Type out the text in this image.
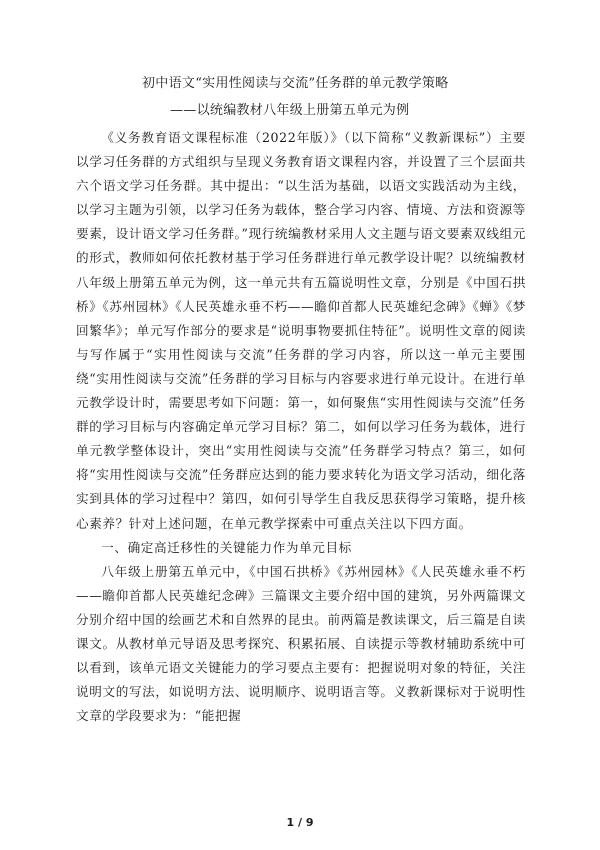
初中语文“实用性阅读与交流”任务群的单元教学策略
——以统编教材八年级上册第五单元为例

《义务教育语文课程标准（2022年版）》（以下简称“义教新课标”）主要以学习任务群的方式组织与呈现义务教育语文课程内容，并设置了三个层面共六个语文学习任务群。其中提出：“以生活为基础，以语文实践活动为主线，以学习主题为引领，以学习任务为载体，整合学习内容、情境、方法和资源等要素，设计语文学习任务群。”现行统编教材采用人文主题与语文要素双线组元的形式，教师如何依托教材基于学习任务群进行单元教学设计呢？以统编教材八年级上册第五单元为例，这一单元共有五篇说明性文章，分别是《中国石拱桥》《苏州园林》《人民英雄永垂不朽——瞻仰首都人民英雄纪念碑》《蝉》《梦回繁华》；单元写作部分的要求是“说明事物要抓住特征”。说明性文章的阅读与写作属于“实用性阅读与交流”任务群的学习内容，所以这一单元主要围绕“实用性阅读与交流”任务群的学习目标与内容要求进行单元设计。在进行单元教学设计时，需要思考如下问题：第一，如何聚焦“实用性阅读与交流”任务群的学习目标与内容确定单元学习目标？第二，如何以学习任务为载体，进行单元教学整体设计，突出“实用性阅读与交流”任务群学习特点？第三，如何将“实用性阅读与交流”任务群应达到的能力要求转化为语文学习活动，细化落实到具体的学习过程中？第四，如何引导学生自我反思获得学习策略，提升核心素养？针对上述问题，在单元教学探索中可重点关注以下四方面。

一、确定高迁移性的关键能力作为单元目标

八年级上册第五单元中，《中国石拱桥》《苏州园林》《人民英雄永垂不朽——瞻仰首都人民英雄纪念碑》三篇课文主要介绍中国的建筑，另外两篇课文分别介绍中国的绘画艺术和自然界的昆虫。前两篇是教读课文，后三篇是自读课文。从教材单元导语及思考探究、积累拓展、自读提示等教材辅助系统中可以看到，该单元语文关键能力的学习要点主要有：把握说明对象的特征，关注说明文的写法，如说明方法、说明顺序、说明语言等。义教新课标对于说明性文章的学段要求为：“能把握

1 / 9
